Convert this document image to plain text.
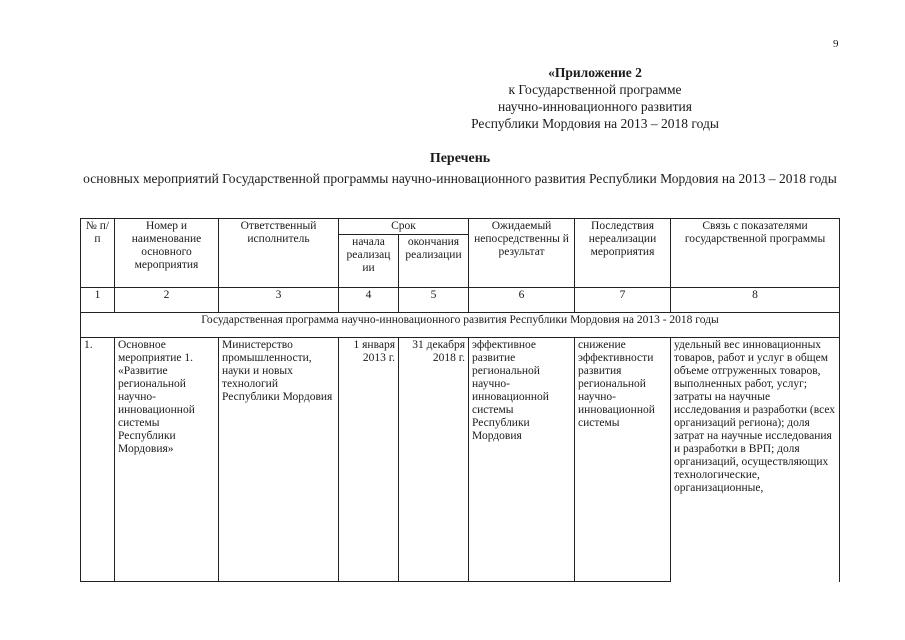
9
«Приложение 2
к Государственной программе
научно-инновационного развития
Республики Мордовия на 2013 – 2018 годы
Перечень
основных мероприятий Государственной программы научно-инновационного развития Республики Мордовия на 2013 – 2018 годы
№ п/п	Номер и наименование основного мероприятия	Ответственный исполнитель	Срок		Ожидаемый непосредственны й результат	Последствия нереализации мероприятия	Связь с показателями государственной программы
			начала реализац ии	окончания реализации			
1	2	3	4	5	6	7	8
Государственная программа научно-инновационного развития Республики Мордовия на 2013 - 2018 годы							
1.	Основное мероприятие 1. «Развитие региональной научно-инновационной системы Республики Мордовия»	Министерство промышленности, науки и новых технологий Республики Мордовия	1 января 2013 г.	31 декабря 2018 г.	эффективное развитие региональной научно-инновационной системы Республики Мордовия	снижение эффективности развития региональной научно-инновационной системы	удельный вес инновационных товаров, работ и услуг в общем объеме отгруженных товаров, выполненных работ, услуг; затраты на научные исследования и разработки (всех организаций региона); доля затрат на научные исследования и разработки в ВРП; доля организаций, осуществляющих технологические, организационные,
